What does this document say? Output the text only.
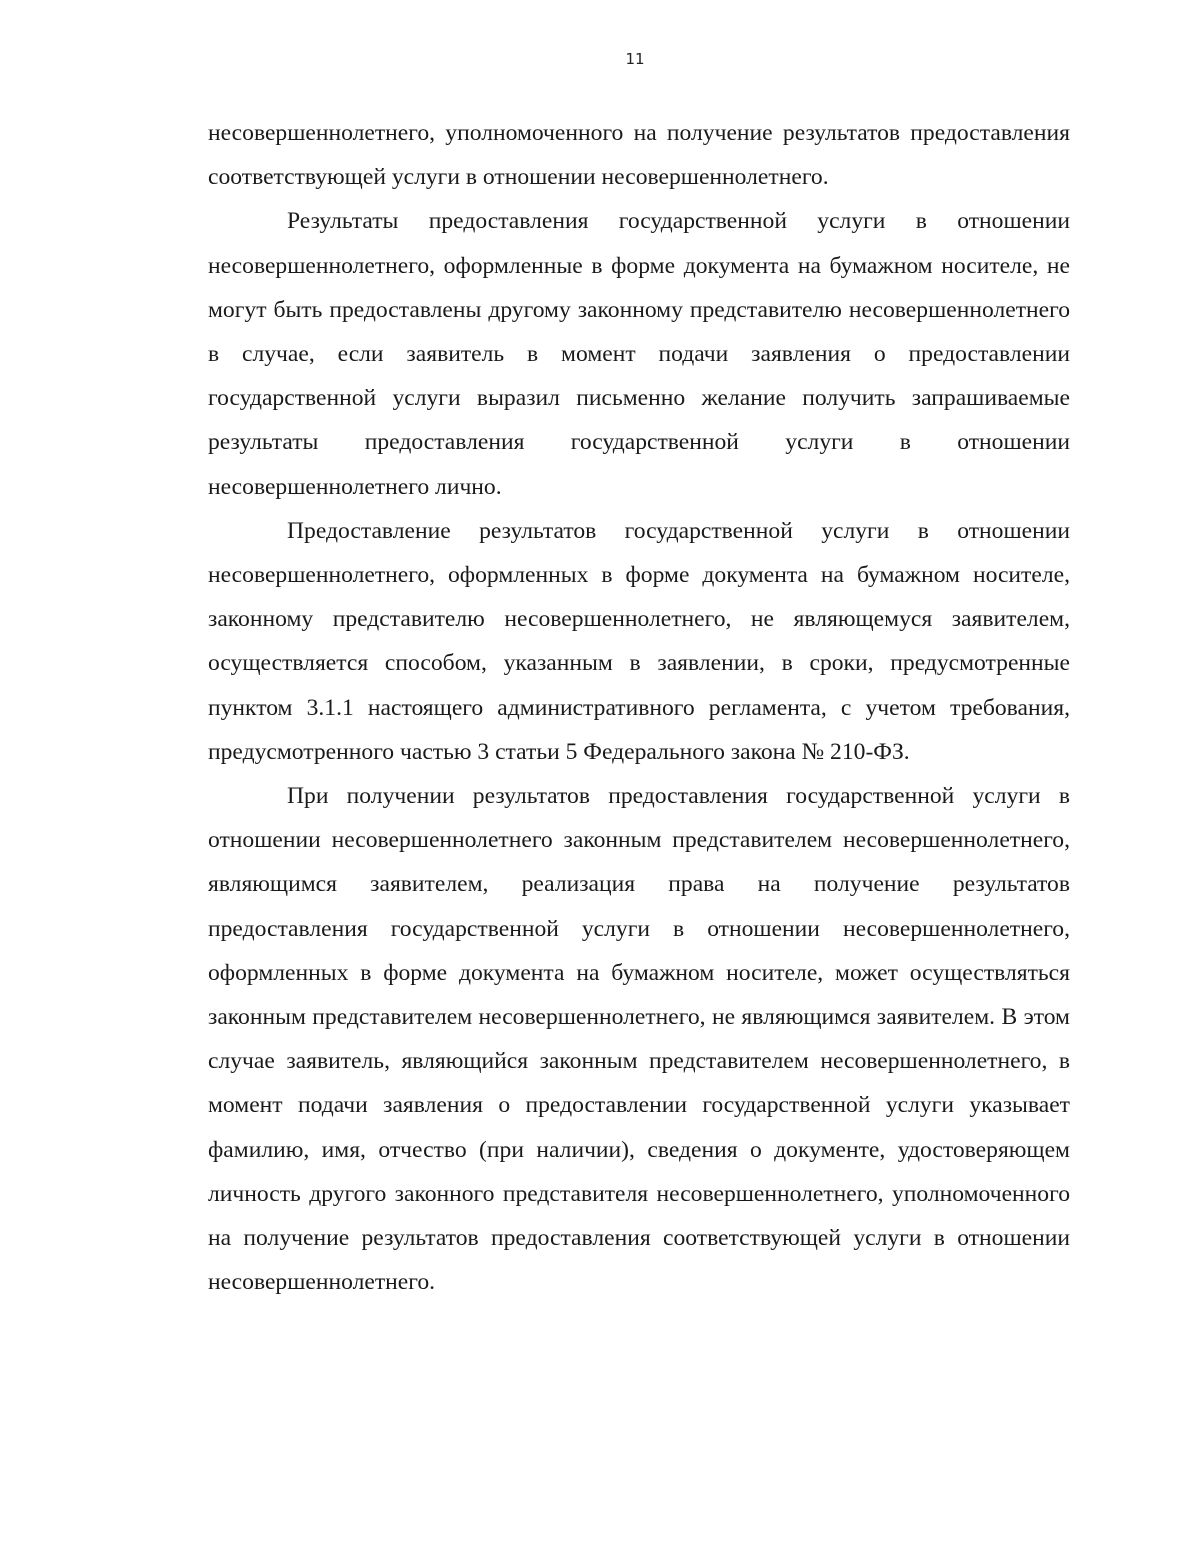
11

несовершеннолетнего, уполномоченного на получение результатов предоставления соответствующей услуги в отношении несовершеннолетнего.

Результаты предоставления государственной услуги в отношении несовершеннолетнего, оформленные в форме документа на бумажном носителе, не могут быть предоставлены другому законному представителю несовершеннолетнего в случае, если заявитель в момент подачи заявления о предоставлении государственной услуги выразил письменно желание получить запрашиваемые результаты предоставления государственной услуги в отношении несовершеннолетнего лично.

Предоставление результатов государственной услуги в отношении несовершеннолетнего, оформленных в форме документа на бумажном носителе, законному представителю несовершеннолетнего, не являющемуся заявителем, осуществляется способом, указанным в заявлении, в сроки, предусмотренные пунктом 3.1.1 настоящего административного регламента, с учетом требования, предусмотренного частью 3 статьи 5 Федерального закона № 210-ФЗ.

При получении результатов предоставления государственной услуги в отношении несовершеннолетнего законным представителем несовершеннолетнего, являющимся заявителем, реализация права на получение результатов предоставления государственной услуги в отношении несовершеннолетнего, оформленных в форме документа на бумажном носителе, может осуществляться законным представителем несовершеннолетнего, не являющимся заявителем. В этом случае заявитель, являющийся законным представителем несовершеннолетнего, в момент подачи заявления о предоставлении государственной услуги указывает фамилию, имя, отчество (при наличии), сведения о документе, удостоверяющем личность другого законного представителя несовершеннолетнего, уполномоченного на получение результатов предоставления соответствующей услуги в отношении несовершеннолетнего.
